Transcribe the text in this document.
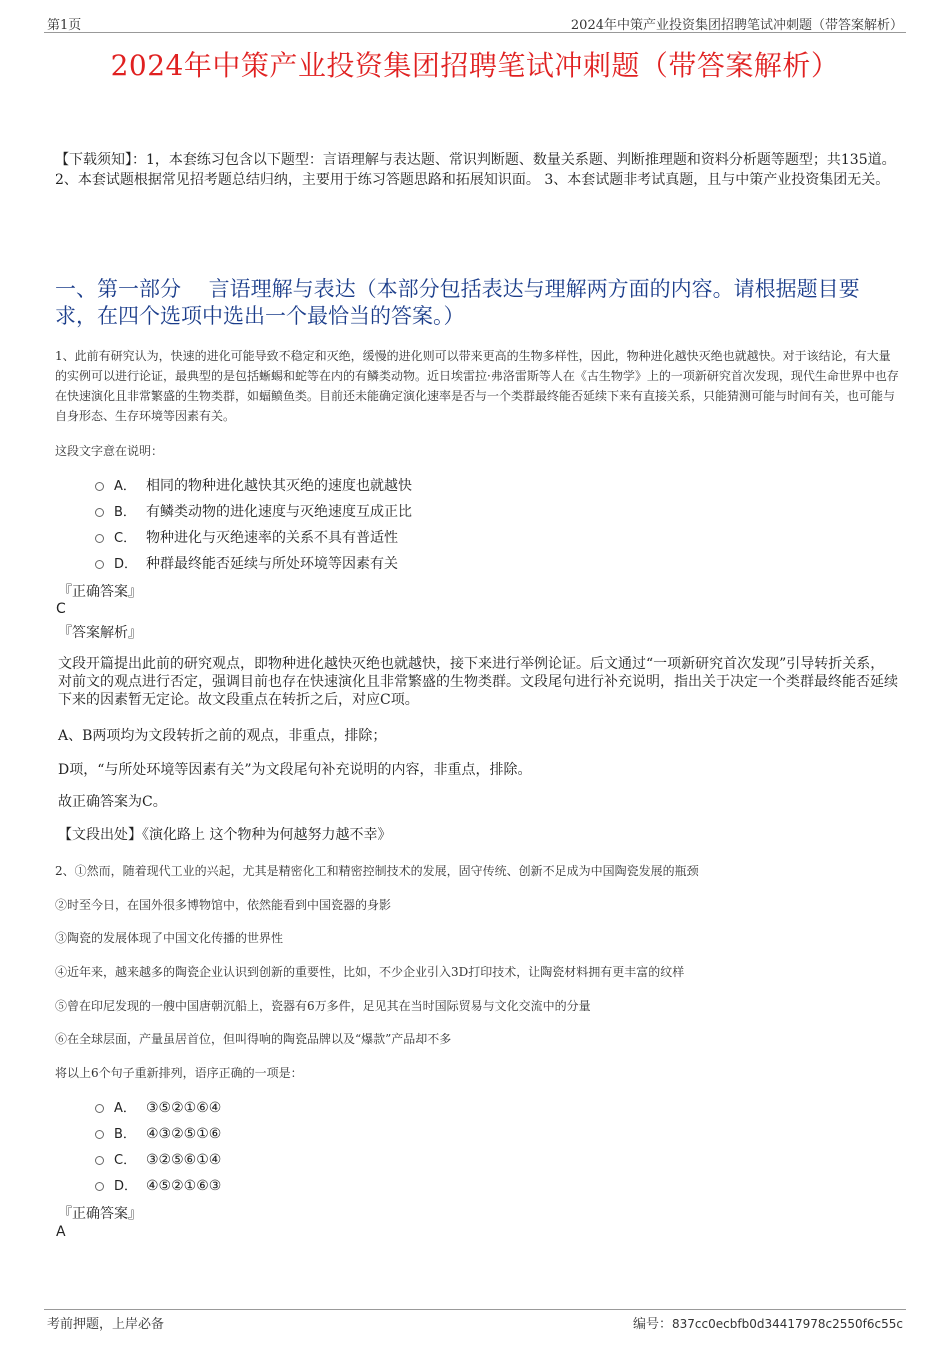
第1页	2024年中策产业投资集团招聘笔试冲刺题（带答案解析）
2024年中策产业投资集团招聘笔试冲刺题（带答案解析）
【下载须知】：1，本套练习包含以下题型：言语理解与表达题、常识判断题、数量关系题、判断推理题和资料分析题等题型；共135道。 2、本套试题根据常见招考题总结归纳，主要用于练习答题思路和拓展知识面。 3、本套试题非考试真题，且与中策产业投资集团无关。
一、第一部分　 言语理解与表达（本部分包括表达与理解两方面的内容。请根据题目要求，在四个选项中选出一个最恰当的答案。）
1、此前有研究认为，快速的进化可能导致不稳定和灭绝，缓慢的进化则可以带来更高的生物多样性，因此，物种进化越快灭绝也就越快。对于该结论，有大量的实例可以进行论证，最典型的是包括蜥蜴和蛇等在内的有鳞类动物。近日埃雷拉·弗洛雷斯等人在《古生物学》上的一项新研究首次发现，现代生命世界中也存在快速演化且非常繁盛的生物类群，如蝠鲼鱼类。目前还未能确定演化速率是否与一个类群最终能否延续下来有直接关系，只能猜测可能与时间有关，也可能与自身形态、生存环境等因素有关。
这段文字意在说明：
A． 相同的物种进化越快其灭绝的速度也就越快
B． 有鳞类动物的进化速度与灭绝速度互成正比
C． 物种进化与灭绝速率的关系不具有普适性
D． 种群最终能否延续与所处环境等因素有关
『正确答案』
C
『答案解析』
文段开篇提出此前的研究观点，即物种进化越快灭绝也就越快，接下来进行举例论证。后文通过“一项新研究首次发现”引导转折关系，对前文的观点进行否定，强调目前也存在快速演化且非常繁盛的生物类群。文段尾句进行补充说明，指出关于决定一个类群最终能否延续下来的因素暂无定论。故文段重点在转折之后，对应C项。
A、B两项均为文段转折之前的观点，非重点，排除；
D项，“与所处环境等因素有关”为文段尾句补充说明的内容，非重点，排除。
故正确答案为C。
【文段出处】《演化路上 这个物种为何越努力越不幸》
2、①然而，随着现代工业的兴起，尤其是精密化工和精密控制技术的发展，固守传统、创新不足成为中国陶瓷发展的瓶颈
②时至今日，在国外很多博物馆中，依然能看到中国瓷器的身影
③陶瓷的发展体现了中国文化传播的世界性
④近年来，越来越多的陶瓷企业认识到创新的重要性，比如，不少企业引入3D打印技术，让陶瓷材料拥有更丰富的纹样
⑤曾在印尼发现的一艘中国唐朝沉船上，瓷器有6万多件，足见其在当时国际贸易与文化交流中的分量
⑥在全球层面，产量虽居首位，但叫得响的陶瓷品牌以及“爆款”产品却不多
将以上6个句子重新排列，语序正确的一项是：
A． ③⑤②①⑥④
B． ④③②⑤①⑥
C． ③②⑤⑥①④
D． ④⑤②①⑥③
『正确答案』
A
考前押题，上岸必备	编号：837cc0ecbfb0d34417978c2550f6c55c
